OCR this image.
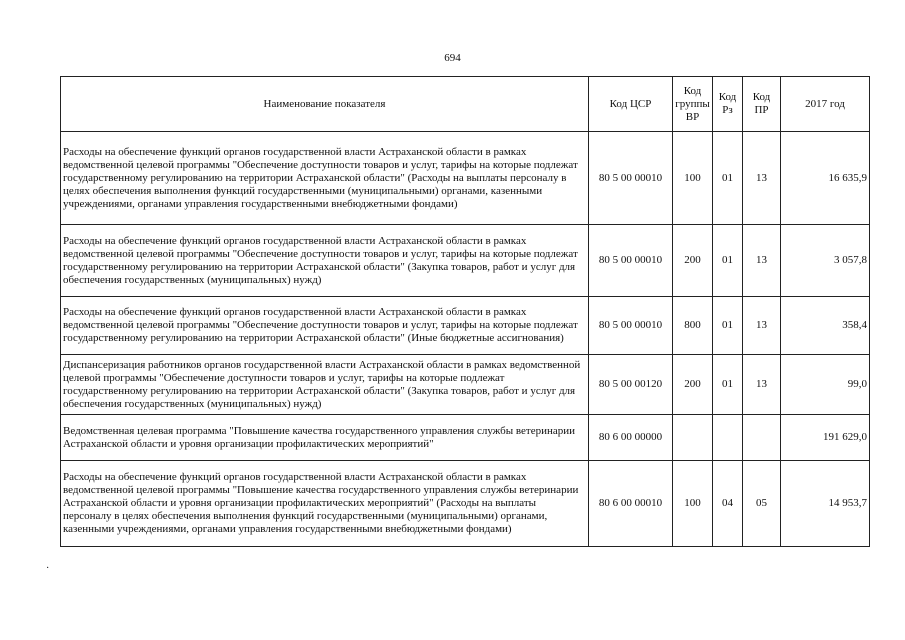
694
Наименование показателя	Код ЦСР	Код группы ВР	Код Рз	Код ПР	2017 год
Расходы на обеспечение функций органов государственной власти Астраханской области в рамках ведомственной целевой программы "Обеспечение доступности товаров и услуг, тарифы на которые подлежат государственному регулированию на территории Астраханской области" (Расходы на выплаты персоналу в целях обеспечения выполнения функций государственными (муниципальными) органами, казенными учреждениями, органами управления государственными внебюджетными фондами)	80 5 00 00010	100	01	13	16 635,9
Расходы на обеспечение функций органов государственной власти Астраханской области в рамках ведомственной целевой программы "Обеспечение доступности товаров и услуг, тарифы на которые подлежат государственному регулированию на территории Астраханской области" (Закупка товаров, работ и услуг для обеспечения государственных (муниципальных) нужд)	80 5 00 00010	200	01	13	3 057,8
Расходы на обеспечение функций органов государственной власти Астраханской области в рамках ведомственной целевой программы "Обеспечение доступности товаров и услуг, тарифы на которые подлежат государственному регулированию на территории Астраханской области" (Иные бюджетные ассигнования)	80 5 00 00010	800	01	13	358,4
Диспансеризация работников органов государственной власти Астраханской области в рамках ведомственной целевой программы "Обеспечение доступности товаров и услуг, тарифы на которые подлежат государственному регулированию на территории Астраханской области" (Закупка товаров, работ и услуг для обеспечения государственных (муниципальных) нужд)	80 5 00 00120	200	01	13	99,0
Ведомственная целевая программа "Повышение качества государственного управления службы ветеринарии Астраханской области и уровня организации профилактических мероприятий"	80 6 00 00000				191 629,0
Расходы на обеспечение функций органов государственной власти Астраханской области в рамках ведомственной целевой программы "Повышение качества государственного управления службы ветеринарии Астраханской области и уровня организации профилактических мероприятий" (Расходы на выплаты персоналу в целях обеспечения выполнения функций государственными (муниципальными) органами, казенными учреждениями, органами управления государственными внебюджетными фондами)	80 6 00 00010	100	04	05	14 953,7
·
